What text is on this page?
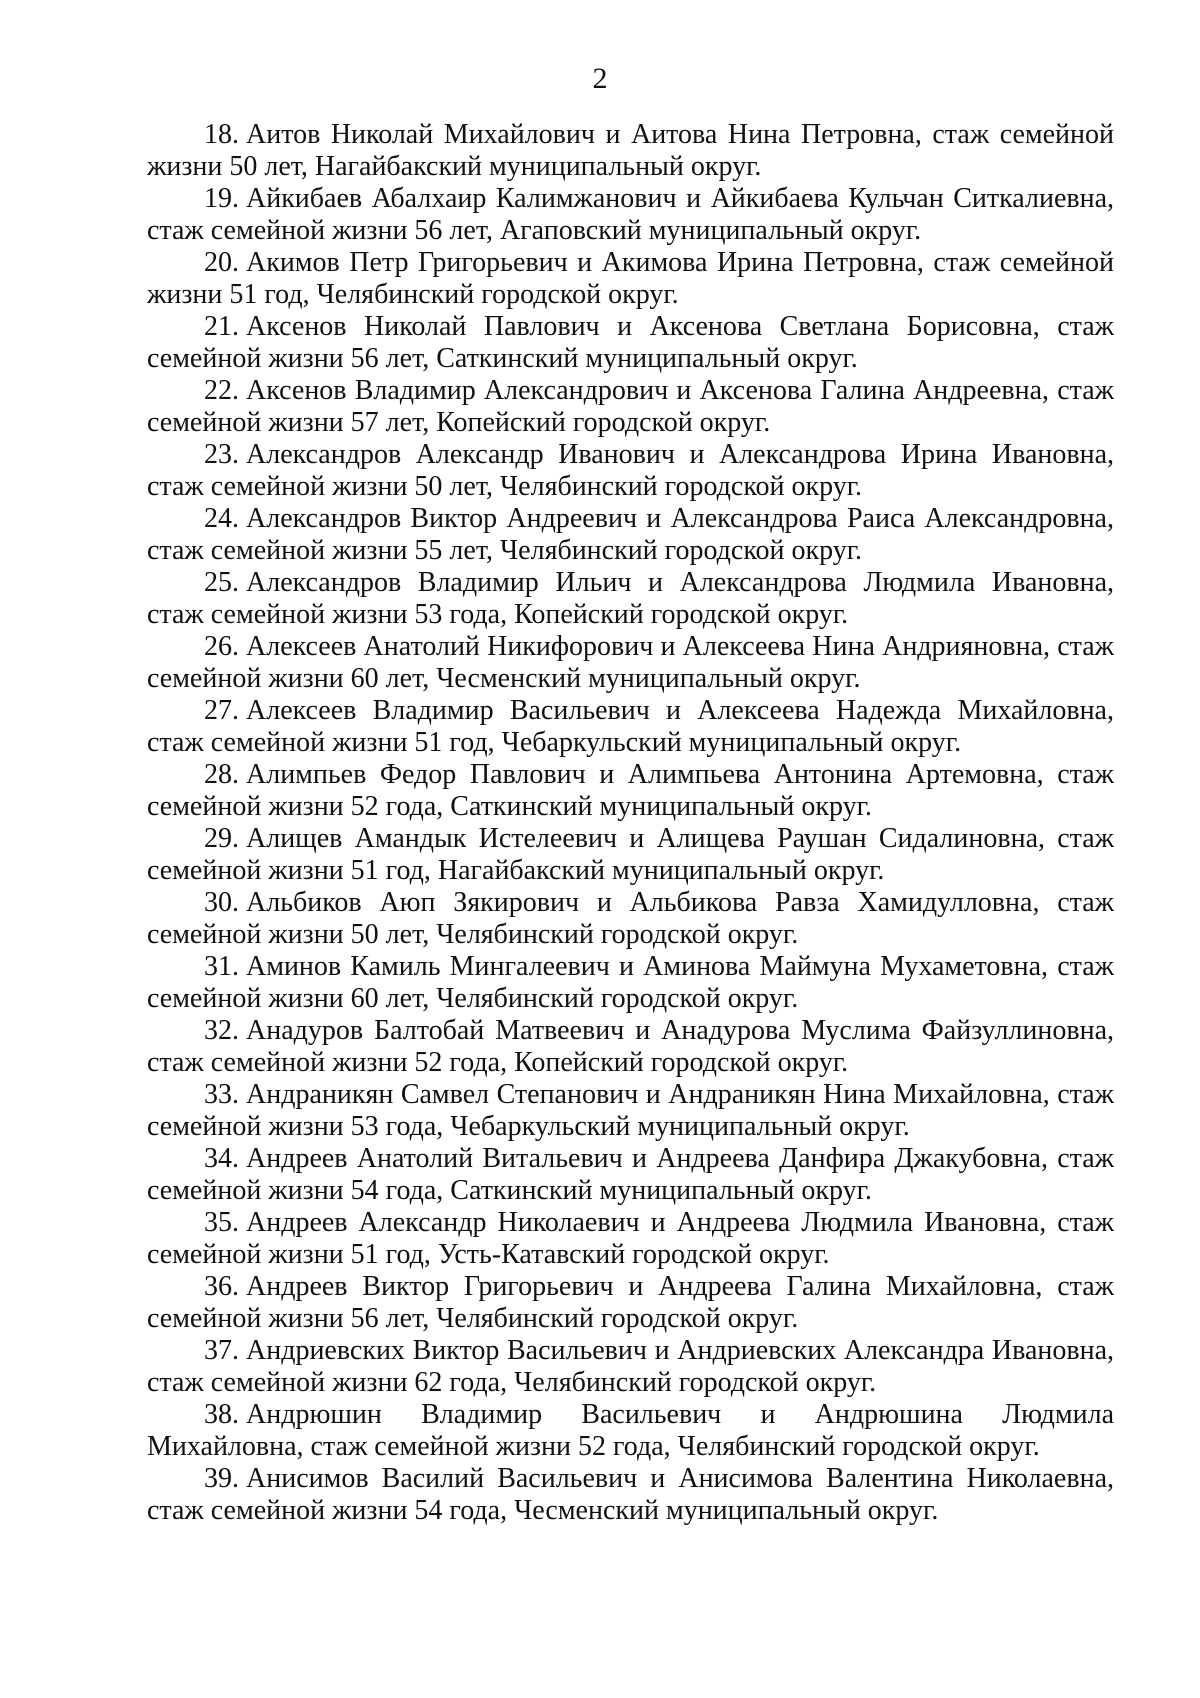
2
18. Аитов Николай Михайлович и Аитова Нина Петровна, стаж семейной жизни 50 лет, Нагайбакский муниципальный округ.
19. Айкибаев Абалхаир Калимжанович и Айкибаева Кульчан Ситкалиевна, стаж семейной жизни 56 лет, Агаповский муниципальный округ.
20. Акимов Петр Григорьевич и Акимова Ирина Петровна, стаж семейной жизни 51 год, Челябинский городской округ.
21. Аксенов Николай Павлович и Аксенова Светлана Борисовна, стаж семейной жизни 56 лет, Саткинский муниципальный округ.
22. Аксенов Владимир Александрович и Аксенова Галина Андреевна, стаж семейной жизни 57 лет, Копейский городской округ.
23. Александров Александр Иванович и Александрова Ирина Ивановна, стаж семейной жизни 50 лет, Челябинский городской округ.
24. Александров Виктор Андреевич и Александрова Раиса Александровна, стаж семейной жизни 55 лет, Челябинский городской округ.
25. Александров Владимир Ильич и Александрова Людмила Ивановна, стаж семейной жизни 53 года, Копейский городской округ.
26. Алексеев Анатолий Никифорович и Алексеева Нина Андрияновна, стаж семейной жизни 60 лет, Чесменский муниципальный округ.
27. Алексеев Владимир Васильевич и Алексеева Надежда Михайловна, стаж семейной жизни 51 год, Чебаркульский муниципальный округ.
28. Алимпьев Федор Павлович и Алимпьева Антонина Артемовна, стаж семейной жизни 52 года, Саткинский муниципальный округ.
29. Алищев Амандык Истелеевич и Алищева Раушан Сидалиновна, стаж семейной жизни 51 год, Нагайбакский муниципальный округ.
30. Альбиков Аюп Зякирович и Альбикова Равза Хамидулловна, стаж семейной жизни 50 лет, Челябинский городской округ.
31. Аминов Камиль Мингалеевич и Аминова Маймуна Мухаметовна, стаж семейной жизни 60 лет, Челябинский городской округ.
32. Анадуров Балтобай Матвеевич и Анадурова Муслима Файзуллиновна, стаж семейной жизни 52 года, Копейский городской округ.
33. Андраникян Самвел Степанович и Андраникян Нина Михайловна, стаж семейной жизни 53 года, Чебаркульский муниципальный округ.
34. Андреев Анатолий Витальевич и Андреева Данфира Джакубовна, стаж семейной жизни 54 года, Саткинский муниципальный округ.
35. Андреев Александр Николаевич и Андреева Людмила Ивановна, стаж семейной жизни 51 год, Усть-Катавский городской округ.
36. Андреев Виктор Григорьевич и Андреева Галина Михайловна, стаж семейной жизни 56 лет, Челябинский городской округ.
37. Андриевских Виктор Васильевич и Андриевских Александра Ивановна, стаж семейной жизни 62 года, Челябинский городской округ.
38. Андрюшин Владимир Васильевич и Андрюшина Людмила Михайловна, стаж семейной жизни 52 года, Челябинский городской округ.
39. Анисимов Василий Васильевич и Анисимова Валентина Николаевна, стаж семейной жизни 54 года, Чесменский муниципальный округ.
